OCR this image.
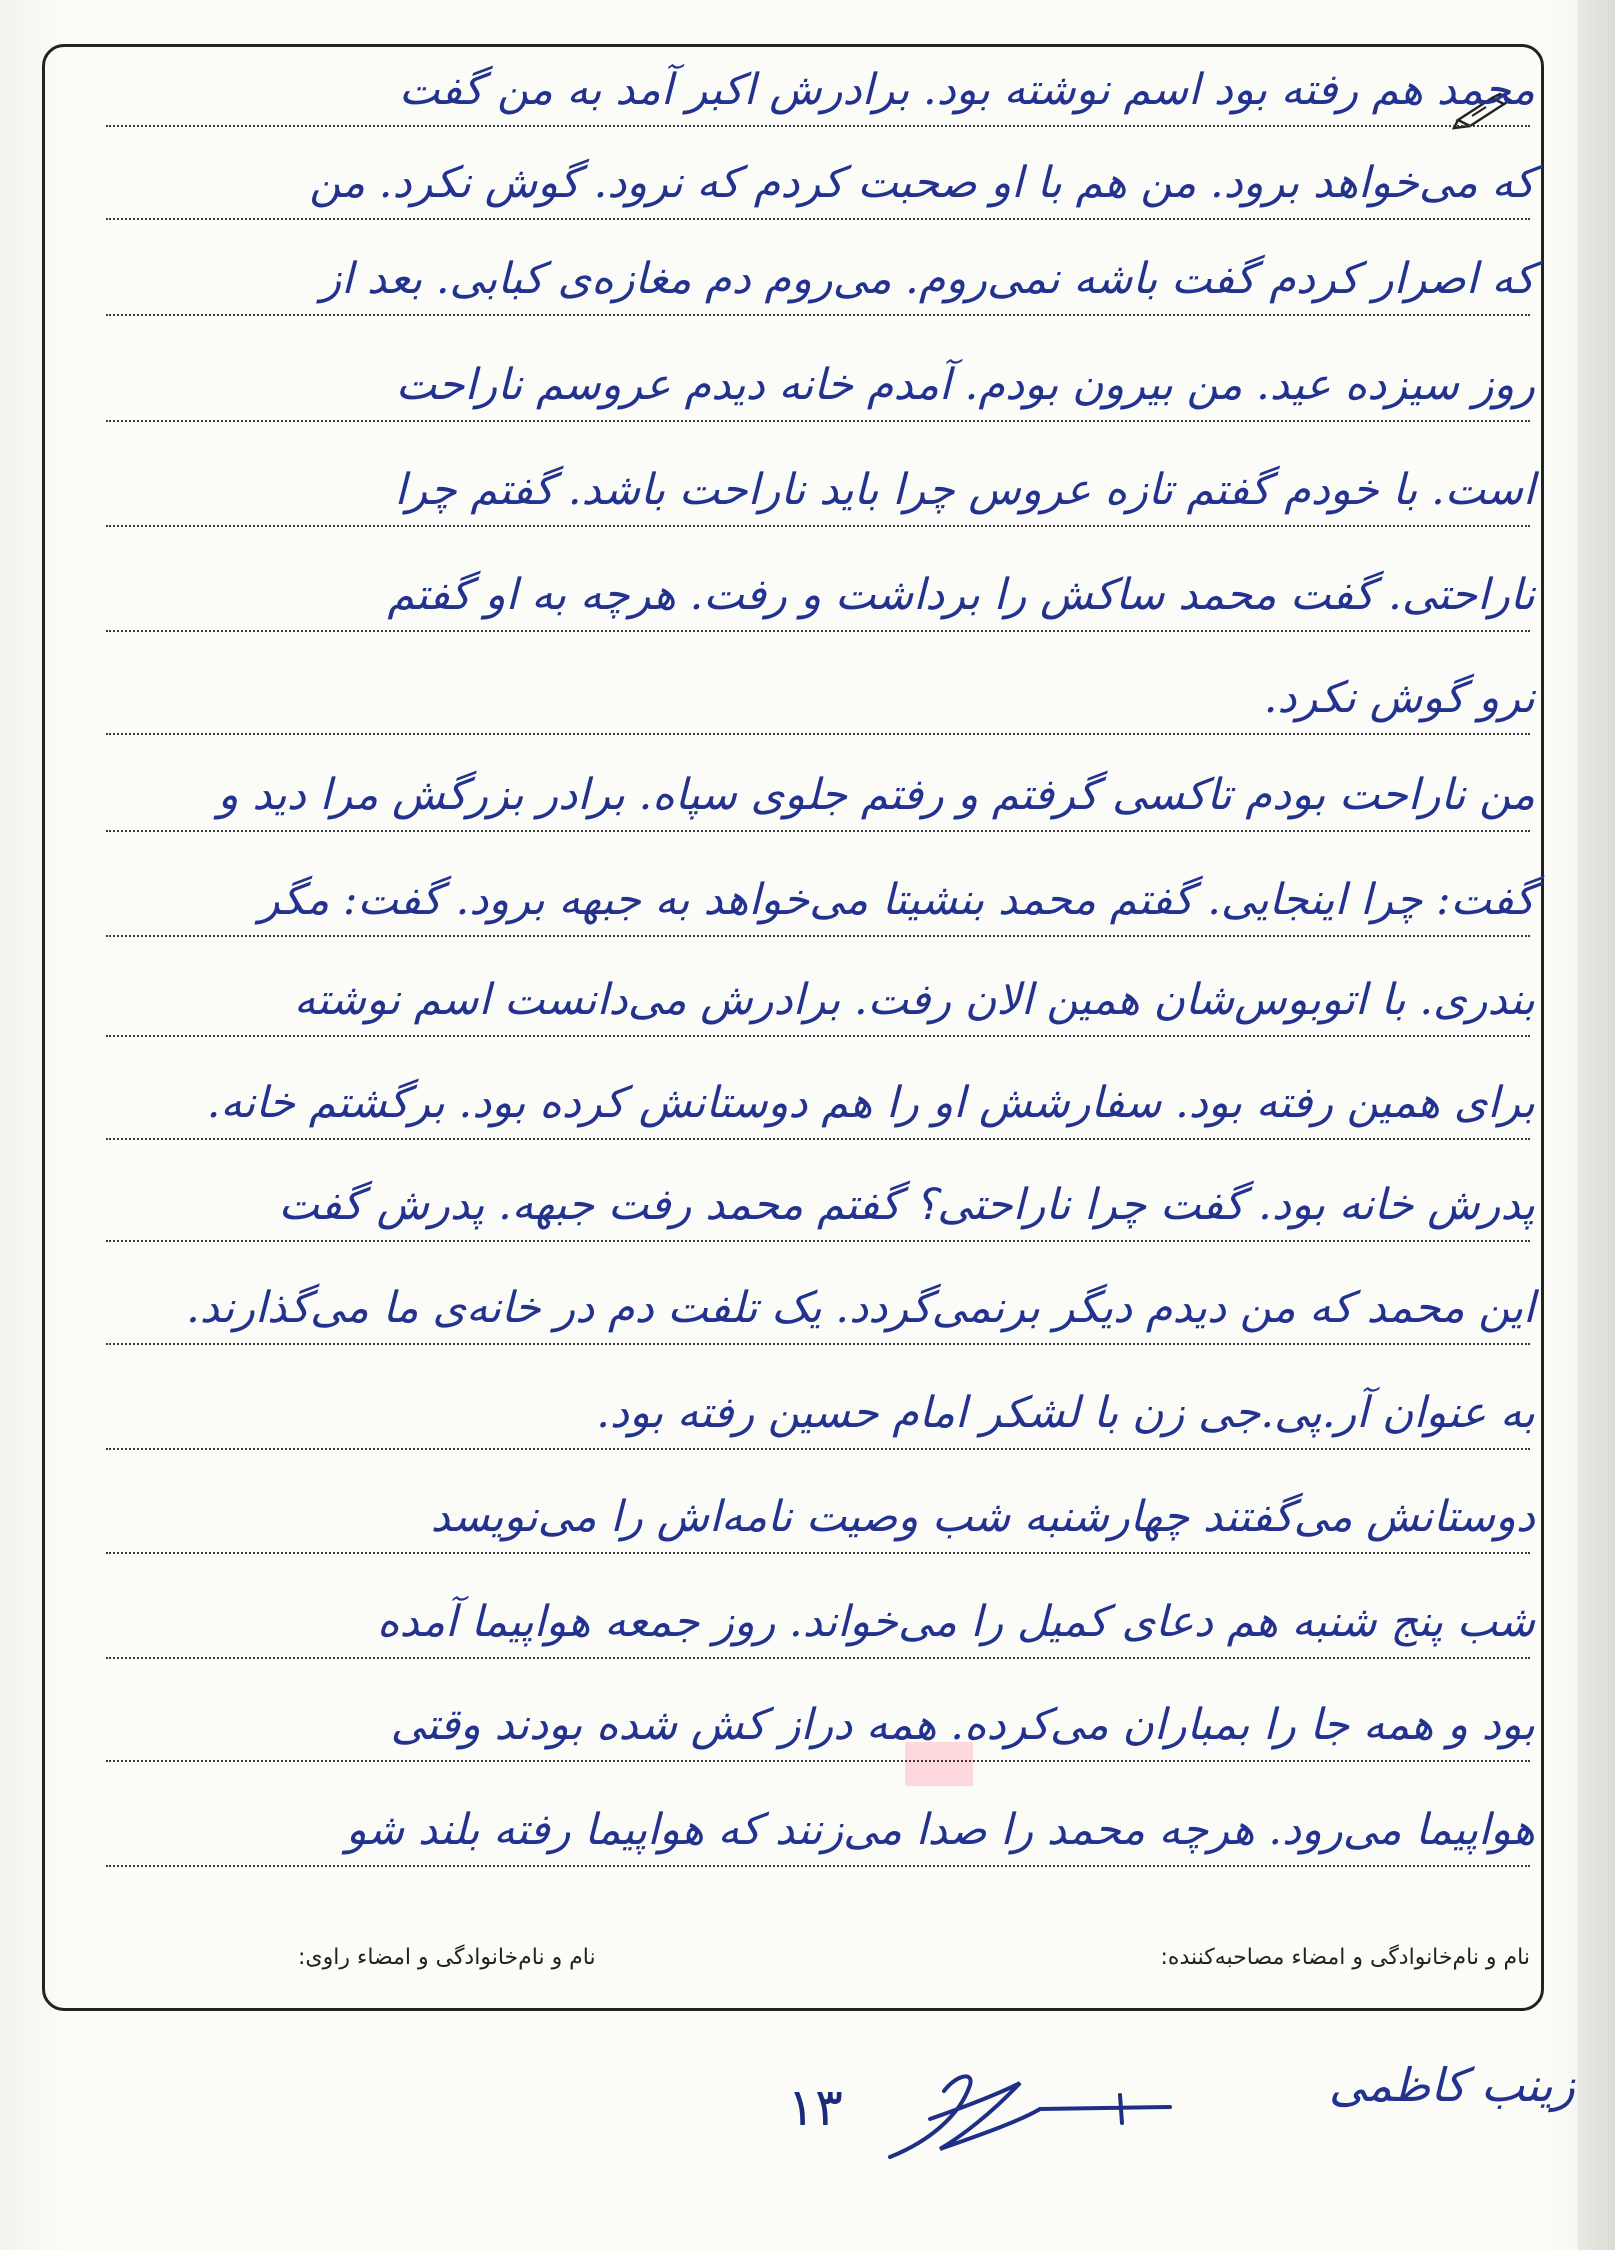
محمد هم رفته بود اسم نوشته بود. برادرش اکبر آمد به من گفت
که می‌خواهد برود. من هم با او صحبت کردم که نرود. گوش نکرد. من
که اصرار کردم گفت باشه نمی‌روم. می‌روم دم مغازه‌ی کبابی. بعد از
روز سیزده عید. من بیرون بودم. آمدم خانه دیدم عروسم ناراحت
است. با خودم گفتم تازه عروس چرا باید ناراحت باشد. گفتم چرا
ناراحتی. گفت محمد ساکش را برداشت و رفت. هرچه به او گفتم
نرو گوش نکرد.
من ناراحت بودم تاکسی گرفتم و رفتم جلوی سپاه. برادر بزرگش مرا دید و
گفت: چرا اینجایی. گفتم محمد بنشیتا می‌خواهد به جبهه برود. گفت: مگر
بندری. با اتوبوس‌شان همین الان رفت. برادرش می‌دانست اسم نوشته
برای همین رفته بود. سفارشش او را هم دوستانش کرده بود. برگشتم خانه.
پدرش خانه بود. گفت چرا ناراحتی؟ گفتم محمد رفت جبهه. پدرش گفت
این محمد که من دیدم دیگر برنمی‌گردد. یک تلفت دم در خانه‌ی ما می‌گذارند.
به عنوان آر.پی.جی زن با لشکر امام حسین رفته بود.
دوستانش می‌گفتند چهارشنبه شب وصیت نامه‌اش را می‌نویسد
شب پنج شنبه هم دعای کمیل را می‌خواند. روز جمعه هواپیما آمده
بود و همه جا را بمباران می‌کرده. همه دراز کش شده بودند وقتی
هواپیما می‌رود. هرچه محمد را صدا می‌زنند که هواپیما رفته بلند شو
نام و نام‌خانوادگی و امضاء مصاحبه‌کننده:
نام و نام‌خانوادگی و امضاء راوی:
۱۳	زینب کاظمی
